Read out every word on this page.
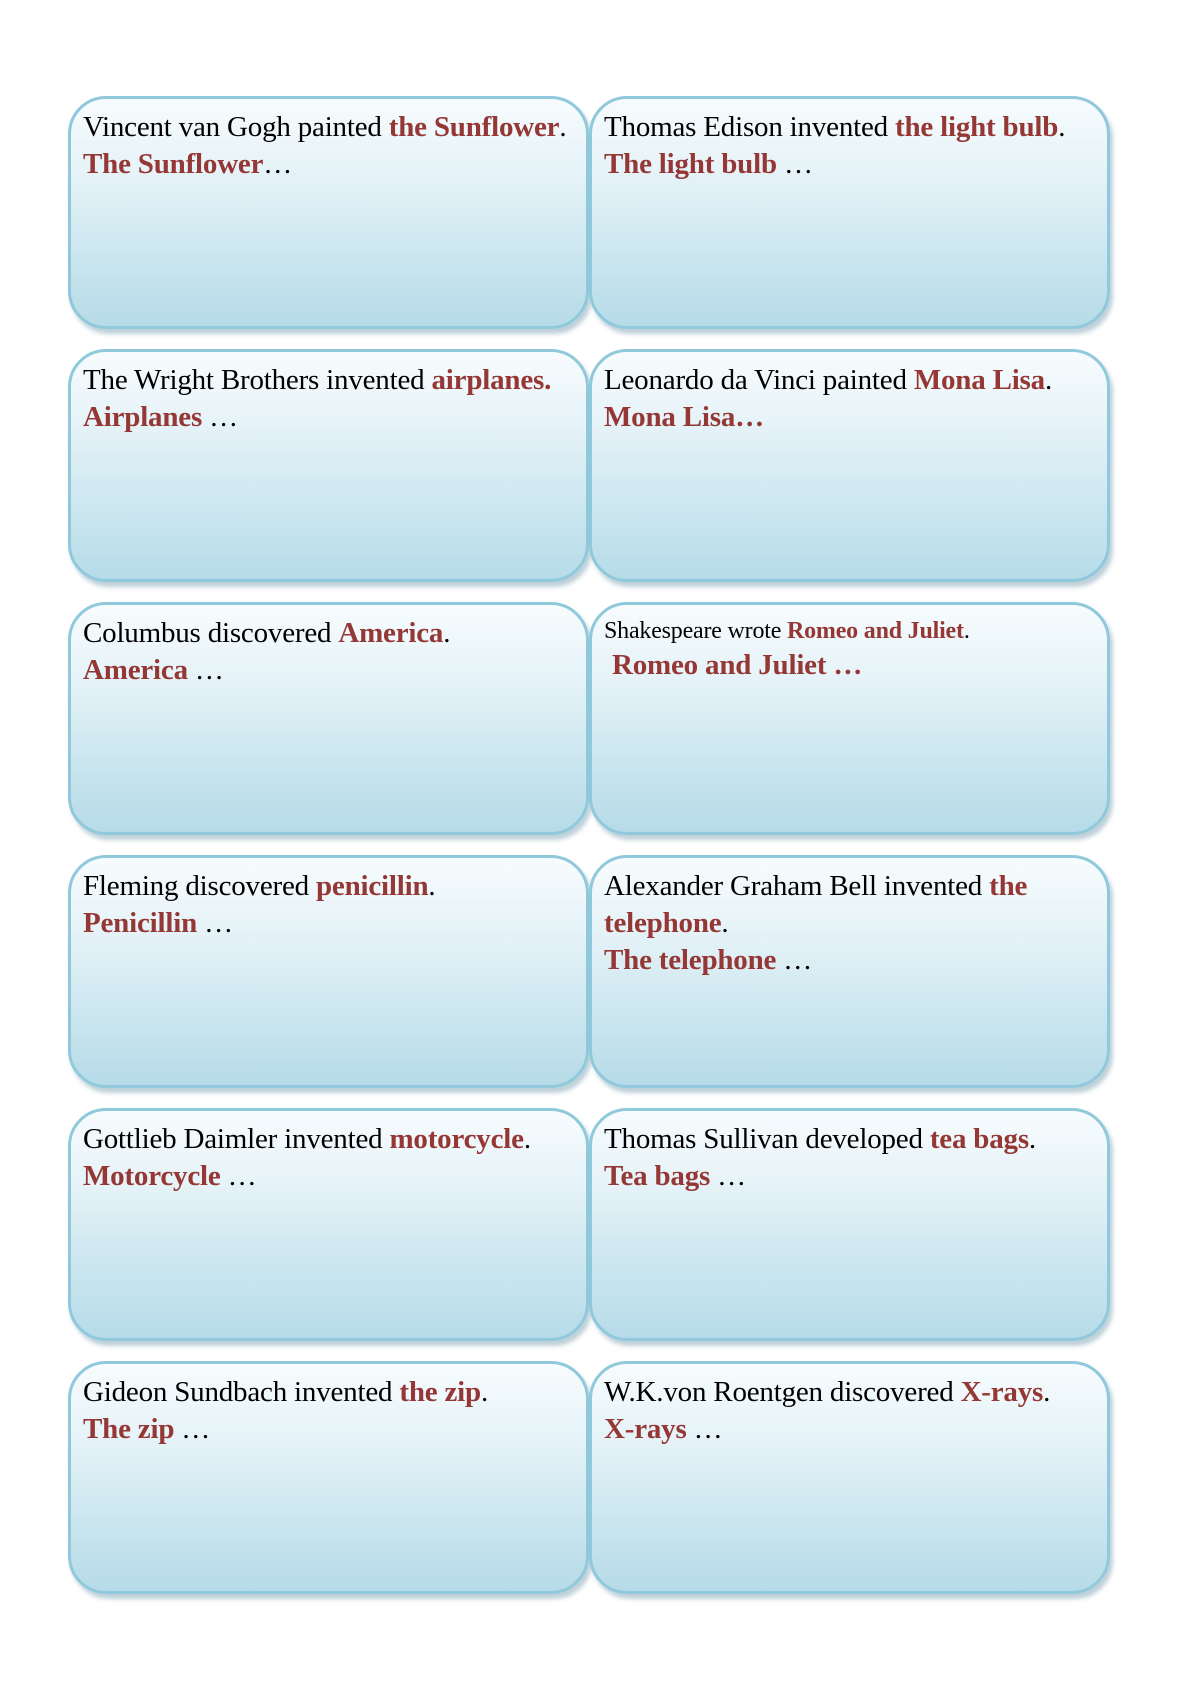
Vincent van Gogh painted the Sunflower.
The Sunflower…
Thomas Edison invented the light bulb.
The light bulb …
The Wright Brothers invented airplanes.
Airplanes …
Leonardo da Vinci painted Mona Lisa.
Mona Lisa…
Columbus discovered America.
America …
Shakespeare wrote Romeo and Juliet.
Romeo and Juliet …
Fleming discovered penicillin.
Penicillin …
Alexander Graham Bell invented the telephone.
The telephone …
Gottlieb Daimler invented motorcycle.
Motorcycle …
Thomas Sullivan developed tea bags.
Tea bags …
Gideon Sundbach invented the zip.
The zip …
W.K.von Roentgen discovered X-rays.
X-rays …
